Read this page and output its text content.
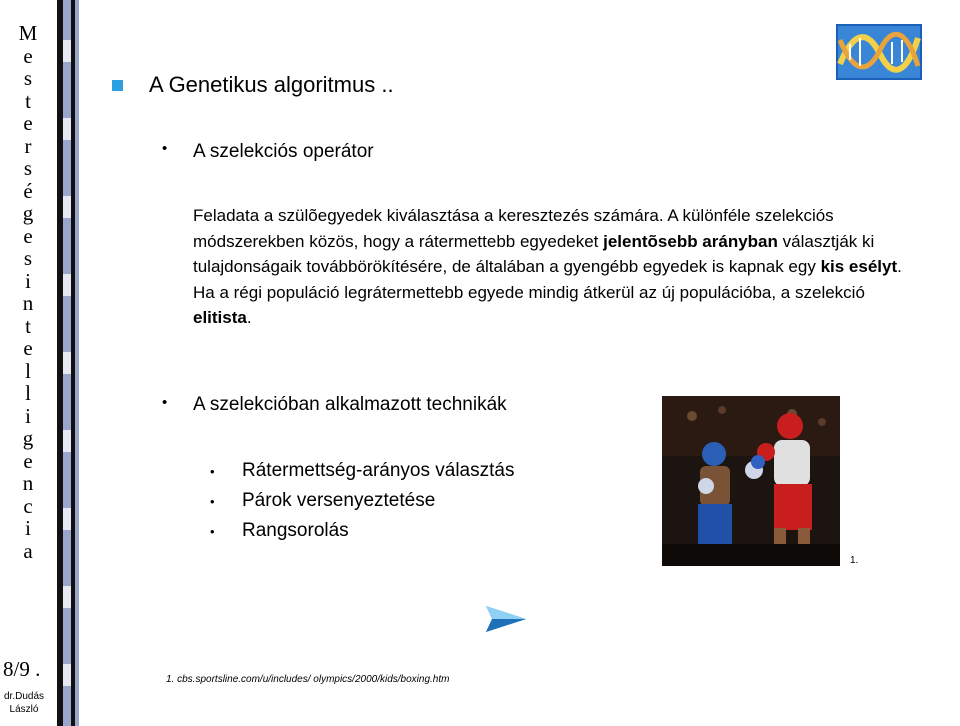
M
e
s
t
e
r
s
é
g
e
s
i
n
t
e
l
l
i
g
e
n
c
i
a
8/9 .
dr.Dudás
László
A Genetikus algoritmus ..
• A szelekciós operátor
Feladata a szülõegyedek kiválasztása a keresztezés számára. A különféle szelekciós módszerekben közös, hogy a rátermettebb egyedeket jelentõsebb arányban választják ki tulajdonságaik továbbörökítésére, de általában a gyengébb egyedek is kapnak egy kis esélyt. Ha a régi populáció legrátermettebb egyede mindig átkerül az új populációba, a szelekció elitista.
• A szelekcióban alkalmazott technikák
•	Rátermettség-arányos választás
•	Párok versenyeztetése
•	Rangsorolás
1.
1. cbs.sportsline.com/u/includes/ olympics/2000/kids/boxing.htm
